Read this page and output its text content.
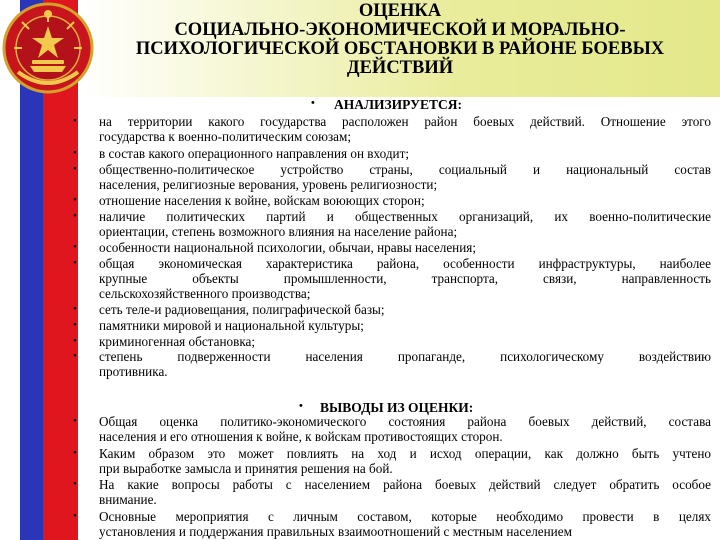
ОЦЕНКА
СОЦИАЛЬНО-ЭКОНОМИЧЕСКОЙ И МОРАЛЬНО-
ПСИХОЛОГИЧЕСКОЙ ОБСТАНОВКИ В РАЙОНЕ БОЕВЫХ
ДЕЙСТВИЙ
• АНАЛИЗИРУЕТСЯ:
• на территории какого государства расположен район боевых действий. Отношение этого
государства к военно-политическим союзам;
• в состав какого операционного направления он входит;
• общественно-политическое устройство страны, социальный и национальный состав
населения, религиозные верования, уровень религиозности;
• отношение населения к войне, войскам воюющих сторон;
• наличие политических партий и общественных организаций, их военно-политические
ориентации, степень возможного влияния на население района;
• особенности национальной психологии, обычаи, нравы населения;
• общая экономическая характеристика района, особенности инфраструктуры, наиболее
крупные объекты промышленности, транспорта, связи, направленность
сельскохозяйственного производства;
• сеть теле-и радиовещания, полиграфической базы;
• памятники мировой и национальной культуры;
• криминогенная обстановка;
• степень подверженности населения пропаганде, психологическому воздействию
противника.
• ВЫВОДЫ ИЗ ОЦЕНКИ:
• Общая оценка политико-экономического состояния района боевых действий, состава
населения и его отношения к войне, к войскам противостоящих сторон.
• Каким образом это может повлиять на ход и исход операции, как должно быть учтено
при выработке замысла и принятия решения на бой.
• На какие вопросы работы с населением района боевых действий следует обратить особое
внимание.
• Основные мероприятия с личным составом, которые необходимо провести в целях
установления и поддержания правильных взаимоотношений с местным населением
